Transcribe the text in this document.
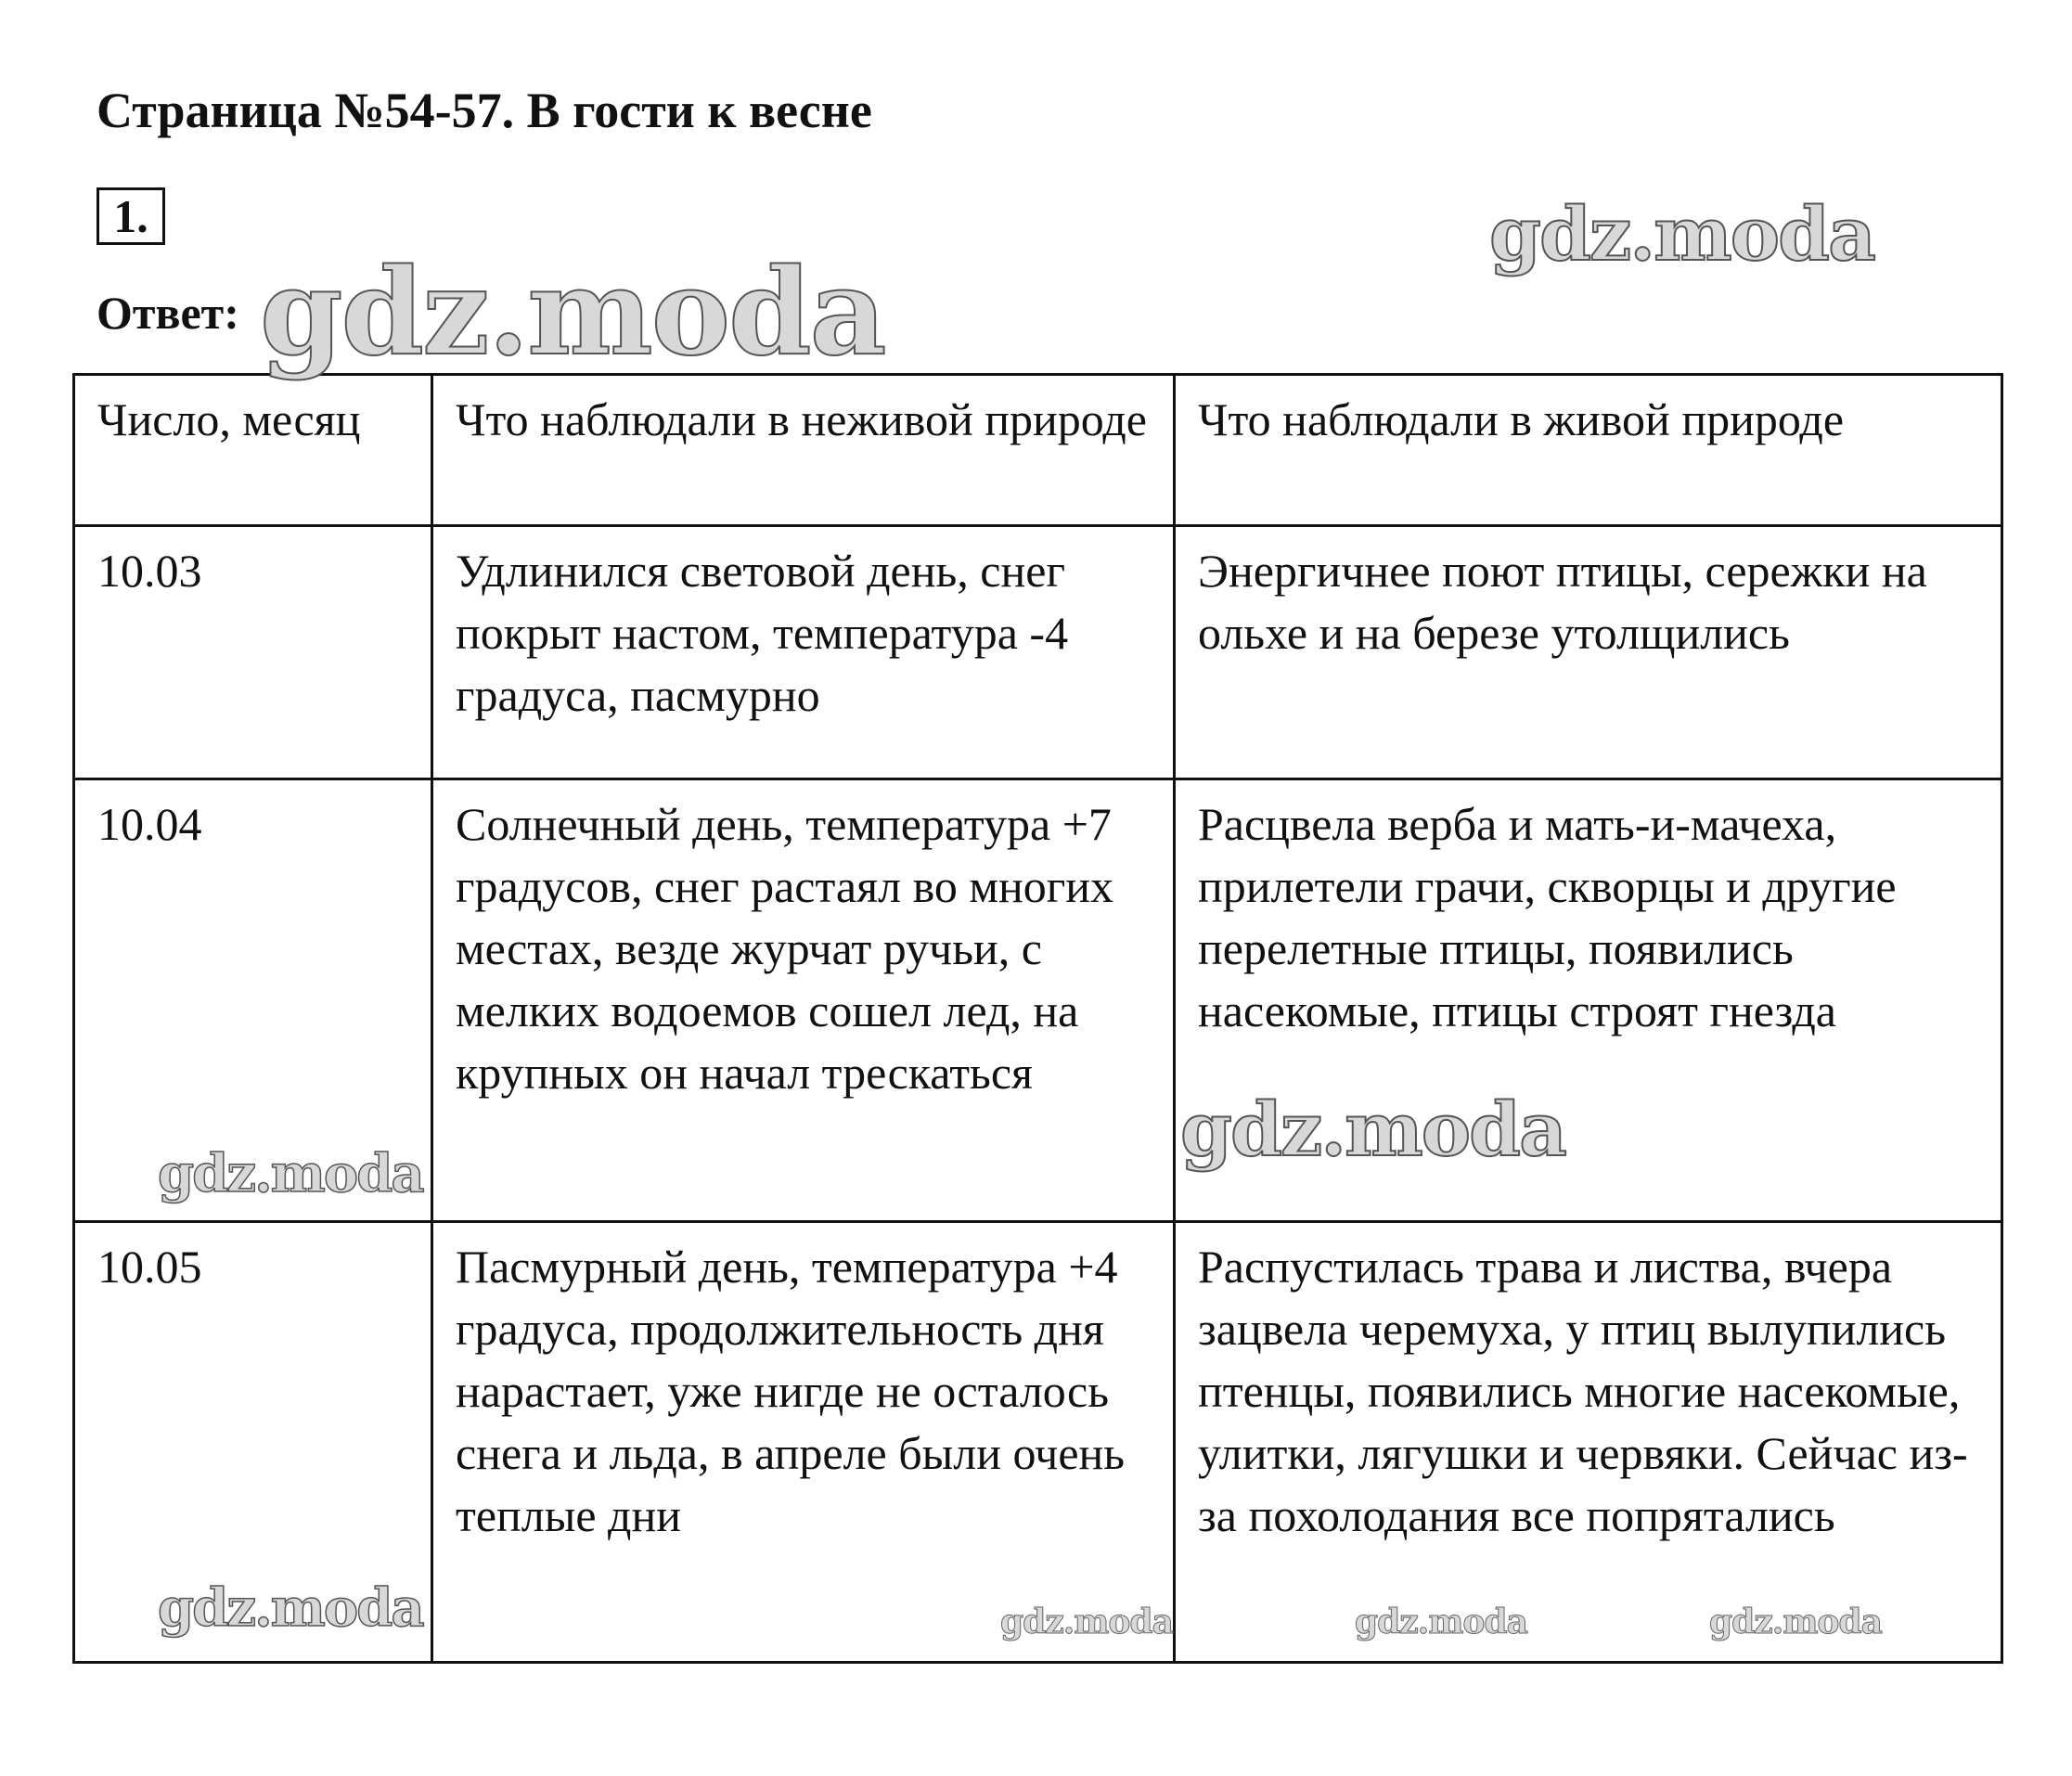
Страница №54-57. В гости к весне
1.
Ответ:
Число, месяц	Что наблюдали в неживой природе	Что наблюдали в живой природе
10.03	Удлинился световой день, снег покрыт настом, температура -4 градуса, пасмурно	Энергичнее поют птицы, сережки на ольхе и на березе утолщились
10.04	Солнечный день, температура +7 градусов, снег растаял во многих местах, везде журчат ручьи, с мелких водоемов сошел лед, на крупных он начал трескаться	Расцвела верба и мать-и-мачеха, прилетели грачи, скворцы и другие перелетные птицы, появились насекомые, птицы строят гнезда
10.05	Пасмурный день, температура +4 градуса, продолжительность дня нарастает, уже нигде не осталось снега и льда, в апреле были очень теплые дни	Распустилась трава и листва, вчера зацвела черемуха, у птиц вылупились птенцы, появились многие насекомые, улитки, лягушки и червяки. Сейчас из-за похолодания все попрятались
gdz.moda
gdz.moda
gdz.moda
gdz.moda
gdz.moda	gdz.moda	gdz.moda	gdz.moda
